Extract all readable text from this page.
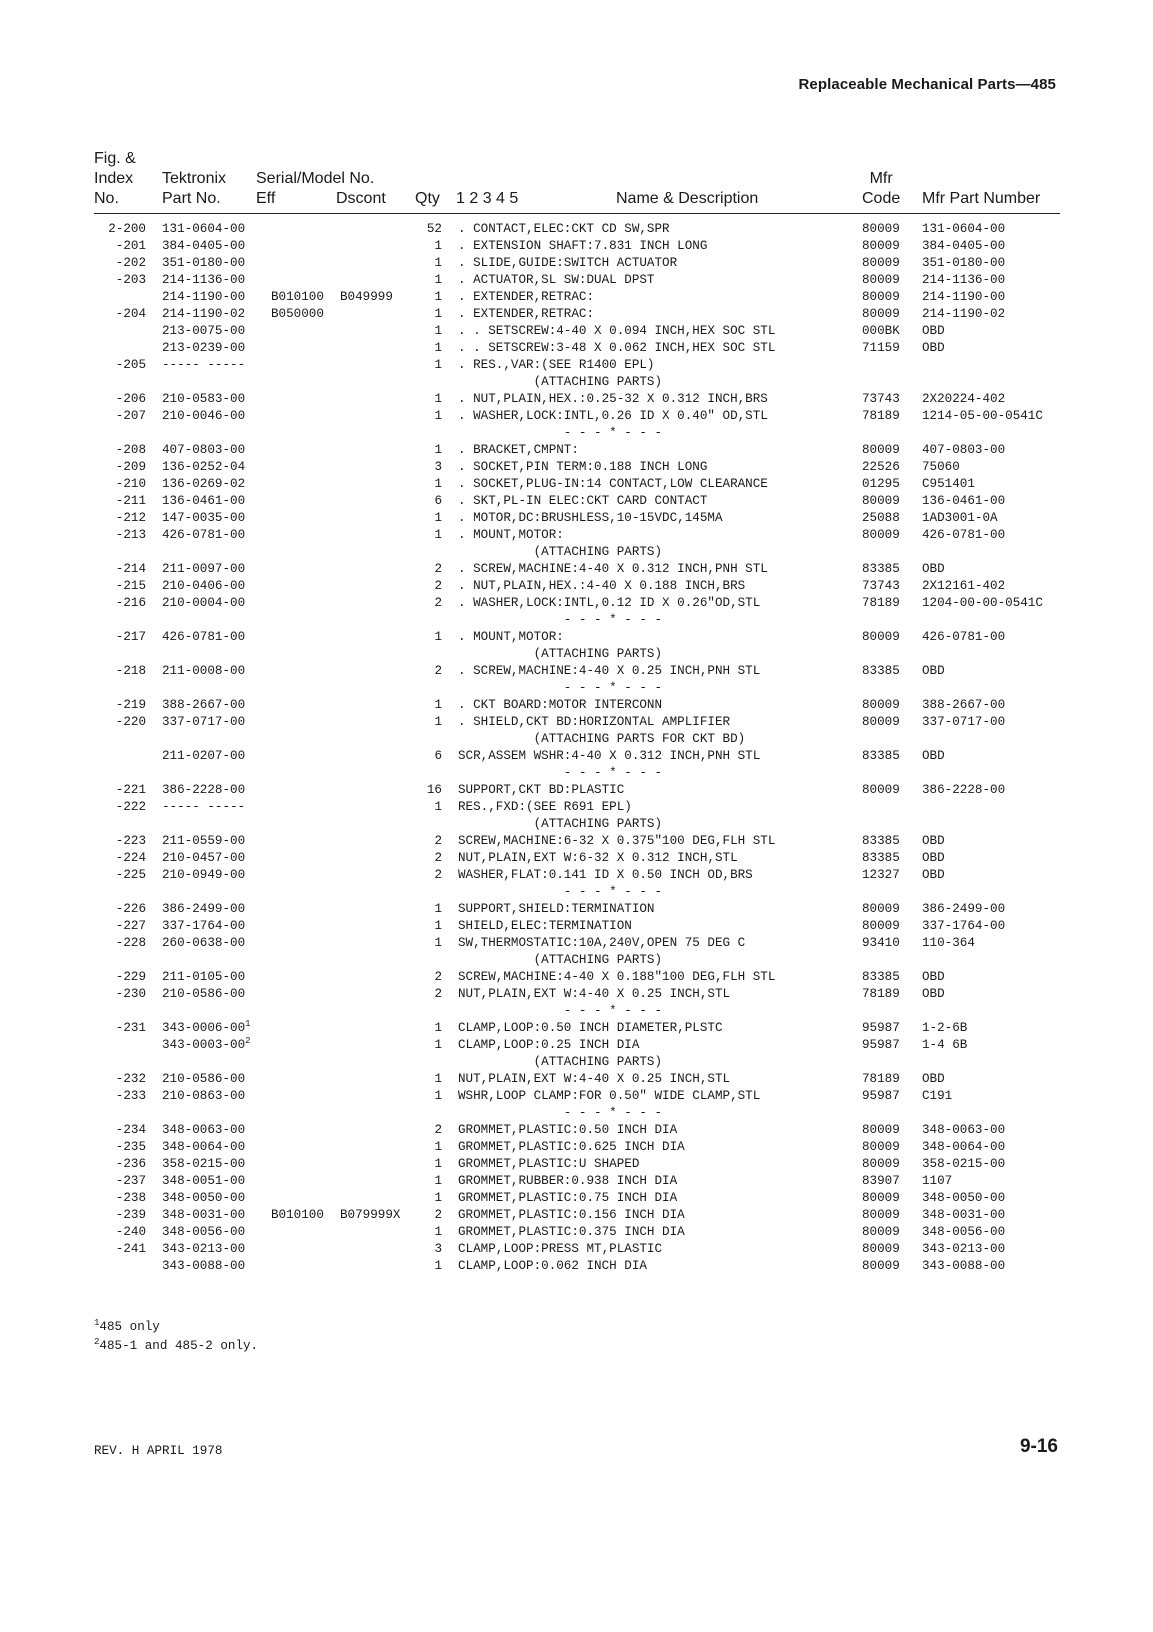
Replaceable Mechanical Parts—485
Fig. &
Index
No.
Tektronix
Part No.
Serial/Model No.
Eff	Dscont Qty 1 2 3 4 5	Name & Description
Mfr
Code Mfr Part Number
2-200 131-0604-00	52 . CONTACT,ELEC:CKT CD SW,SPR	80009 131-0604-00
-201 384-0405-00	1 . EXTENSION SHAFT:7.831 INCH LONG	80009 384-0405-00
-202 351-0180-00	1 . SLIDE,GUIDE:SWITCH ACTUATOR	80009 351-0180-00
-203 214-1136-00	1 . ACTUATOR,SL SW:DUAL DPST	80009 214-1136-00
214-1190-00 B010100 B049999	1 . EXTENDER,RETRAC:	80009 214-1190-00
-204 214-1190-02 B050000	1 . EXTENDER,RETRAC:	80009 214-1190-02
213-0075-00	1 . . SETSCREW:4-40 X 0.094 INCH,HEX SOC STL	000BK OBD
213-0239-00	1 . . SETSCREW:3-48 X 0.062 INCH,HEX SOC STL	71159 OBD
-205 ----- -----	1 . RES.,VAR:(SEE R1400 EPL)
(ATTACHING PARTS)
-206 210-0583-00	1 . NUT,PLAIN,HEX.:0.25-32 X 0.312 INCH,BRS	73743 2X20224-402
-207 210-0046-00	1 . WASHER,LOCK:INTL,0.26 ID X 0.40" OD,STL	78189 1214-05-00-0541C
- - - * - - -
-208 407-0803-00	1 . BRACKET,CMPNT:	80009 407-0803-00
-209 136-0252-04	3 . SOCKET,PIN TERM:0.188 INCH LONG	22526 75060
-210 136-0269-02	1 . SOCKET,PLUG-IN:14 CONTACT,LOW CLEARANCE	01295 C951401
-211 136-0461-00	6 . SKT,PL-IN ELEC:CKT CARD CONTACT	80009 136-0461-00
-212 147-0035-00	1 . MOTOR,DC:BRUSHLESS,10-15VDC,145MA	25088 1AD3001-0A
-213 426-0781-00	1 . MOUNT,MOTOR:	80009 426-0781-00
(ATTACHING PARTS)
-214 211-0097-00	2 . SCREW,MACHINE:4-40 X 0.312 INCH,PNH STL	83385 OBD
-215 210-0406-00	2 . NUT,PLAIN,HEX.:4-40 X 0.188 INCH,BRS	73743 2X12161-402
-216 210-0004-00	2 . WASHER,LOCK:INTL,0.12 ID X 0.26"OD,STL	78189 1204-00-00-0541C
- - - * - - -
-217 426-0781-00	1 . MOUNT,MOTOR:	80009 426-0781-00
(ATTACHING PARTS)
-218 211-0008-00	2 . SCREW,MACHINE:4-40 X 0.25 INCH,PNH STL	83385 OBD
- - - * - - -
-219 388-2667-00	1 . CKT BOARD:MOTOR INTERCONN	80009 388-2667-00
-220 337-0717-00	1 . SHIELD,CKT BD:HORIZONTAL AMPLIFIER	80009 337-0717-00
(ATTACHING PARTS FOR CKT BD)
211-0207-00	6 SCR,ASSEM WSHR:4-40 X 0.312 INCH,PNH STL	83385 OBD
- - - * - - -
-221 386-2228-00	16 SUPPORT,CKT BD:PLASTIC	80009 386-2228-00
-222 ----- -----	1 RES.,FXD:(SEE R691 EPL)
(ATTACHING PARTS)
-223 211-0559-00	2 SCREW,MACHINE:6-32 X 0.375"100 DEG,FLH STL	83385 OBD
-224 210-0457-00	2 NUT,PLAIN,EXT W:6-32 X 0.312 INCH,STL	83385 OBD
-225 210-0949-00	2 WASHER,FLAT:0.141 ID X 0.50 INCH OD,BRS	12327 OBD
- - - * - - -
-226 386-2499-00	1 SUPPORT,SHIELD:TERMINATION	80009 386-2499-00
-227 337-1764-00	1 SHIELD,ELEC:TERMINATION	80009 337-1764-00
-228 260-0638-00	1 SW,THERMOSTATIC:10A,240V,OPEN 75 DEG C	93410 110-364
(ATTACHING PARTS)
-229 211-0105-00	2 SCREW,MACHINE:4-40 X 0.188"100 DEG,FLH STL	83385 OBD
-230 210-0586-00	2 NUT,PLAIN,EXT W:4-40 X 0.25 INCH,STL	78189 OBD
- - - * - - -
-231 $343-0006-00^1$	1 CLAMP,LOOP:0.50 INCH DIAMETER,PLSTC	95987 1-2-6B
$343-0003-00^2$	1 CLAMP,LOOP:0.25 INCH DIA	95987 1-4 6B
(ATTACHING PARTS)
-232 210-0586-00	1 NUT,PLAIN,EXT W:4-40 X 0.25 INCH,STL	78189 OBD
-233 210-0863-00	1 WSHR,LOOP CLAMP:FOR 0.50" WIDE CLAMP,STL	95987 C191
- - - * - - -
-234 348-0063-00	2 GROMMET,PLASTIC:0.50 INCH DIA	80009 348-0063-00
-235 348-0064-00	1 GROMMET,PLASTIC:0.625 INCH DIA	80009 348-0064-00
-236 358-0215-00	1 GROMMET,PLASTIC:U SHAPED	80009 358-0215-00
-237 348-0051-00	1 GROMMET,RUBBER:0.938 INCH DIA	83907 1107
-238 348-0050-00	1 GROMMET,PLASTIC:0.75 INCH DIA	80009 348-0050-00
-239 348-0031-00 B010100 B079999X	2 GROMMET,PLASTIC:0.156 INCH DIA	80009 348-0031-00
-240 348-0056-00	1 GROMMET,PLASTIC:0.375 INCH DIA	80009 348-0056-00
-241 343-0213-00	3 CLAMP,LOOP:PRESS MT,PLASTIC	80009 343-0213-00
343-0088-00	1 CLAMP,LOOP:0.062 INCH DIA	80009 343-0088-00
$^1$485 only
$^2$485-1 and 485-2 only.
REV. H APRIL 1978	9-16
